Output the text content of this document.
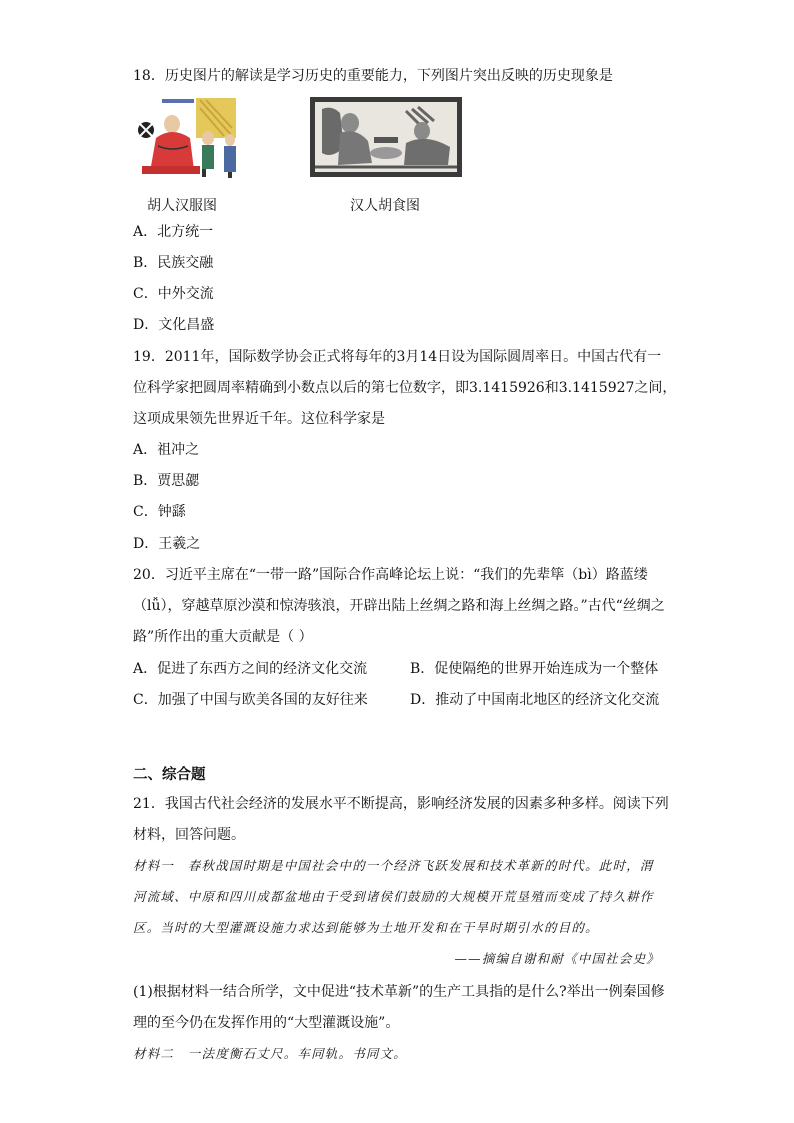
18．历史图片的解读是学习历史的重要能力，下列图片突出反映的历史现象是
胡人汉服图	汉人胡食图
A．北方统一
B．民族交融
C．中外交流
D．文化昌盛
19．2011年，国际数学协会正式将每年的3月14日设为国际圆周率日。中国古代有一
位科学家把圆周率精确到小数点以后的第七位数字，即3.1415926和3.1415927之间，
这项成果领先世界近千年。这位科学家是
A．祖冲之
B．贾思勰
C．钟繇
D．王羲之
20．习近平主席在“一带一路”国际合作高峰论坛上说：“我们的先辈筚（bì）路蓝缕
（lǚ），穿越草原沙漠和惊涛骇浪，开辟出陆上丝绸之路和海上丝绸之路。”古代“丝绸之
路”所作出的重大贡献是（ ）
A．促进了东西方之间的经济文化交流	B．促使隔绝的世界开始连成为一个整体
C．加强了中国与欧美各国的友好往来	D．推动了中国南北地区的经济文化交流
二、综合题
21．我国古代社会经济的发展水平不断提高，影响经济发展的因素多种多样。阅读下列
材料，回答问题。
材料一　春秋战国时期是中国社会中的一个经济飞跃发展和技术革新的时代。此时，渭
河流域、中原和四川成都盆地由于受到诸侯们鼓励的大规模开荒垦殖而变成了持久耕作
区。当时的大型灌溉设施力求达到能够为土地开发和在干旱时期引水的目的。
——摘编自谢和耐《中国社会史》
(1)根据材料一结合所学，文中促进“技术革新”的生产工具指的是什么?举出一例秦国修
理的至今仍在发挥作用的“大型灌溉设施”。
材料二　一法度衡石丈尺。车同轨。书同文。
